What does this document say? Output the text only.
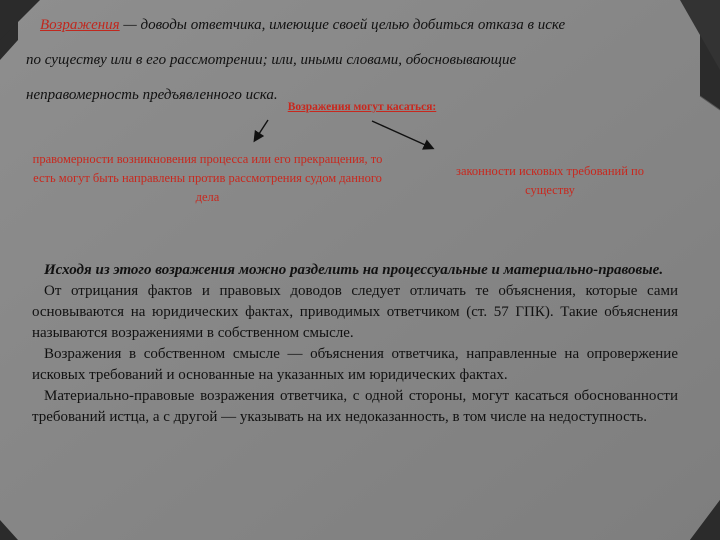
Возражения — доводы ответчика, имеющие своей целью добиться отказа в иске
по существу или в его рассмотрении; или, иными словами, обосновывающие
неправомерность предъявленного иска.

Возражения могут касаться:

правомерности возникновения процесса или его прекращения, то есть могут быть направлены против рассмотрения судом данного дела

законности исковых требований по существу

Исходя из этого возражения можно разделить на процессуальные и материально-правовые.

От отрицания фактов и правовых доводов следует отличать те объяснения, которые сами основываются на юридических фактах, приводимых ответчиком (ст. 57 ГПК). Такие объяснения называются возражениями в собственном смысле.

Возражения в собственном смысле — объяснения ответчика, направленные на опровержение исковых требований и основанные на указанных им юридических фактах.

Материально-правовые возражения ответчика, с одной стороны, могут касаться обоснованности требований истца, а с другой — указывать на их недоказанность, в том числе на недоступность.
